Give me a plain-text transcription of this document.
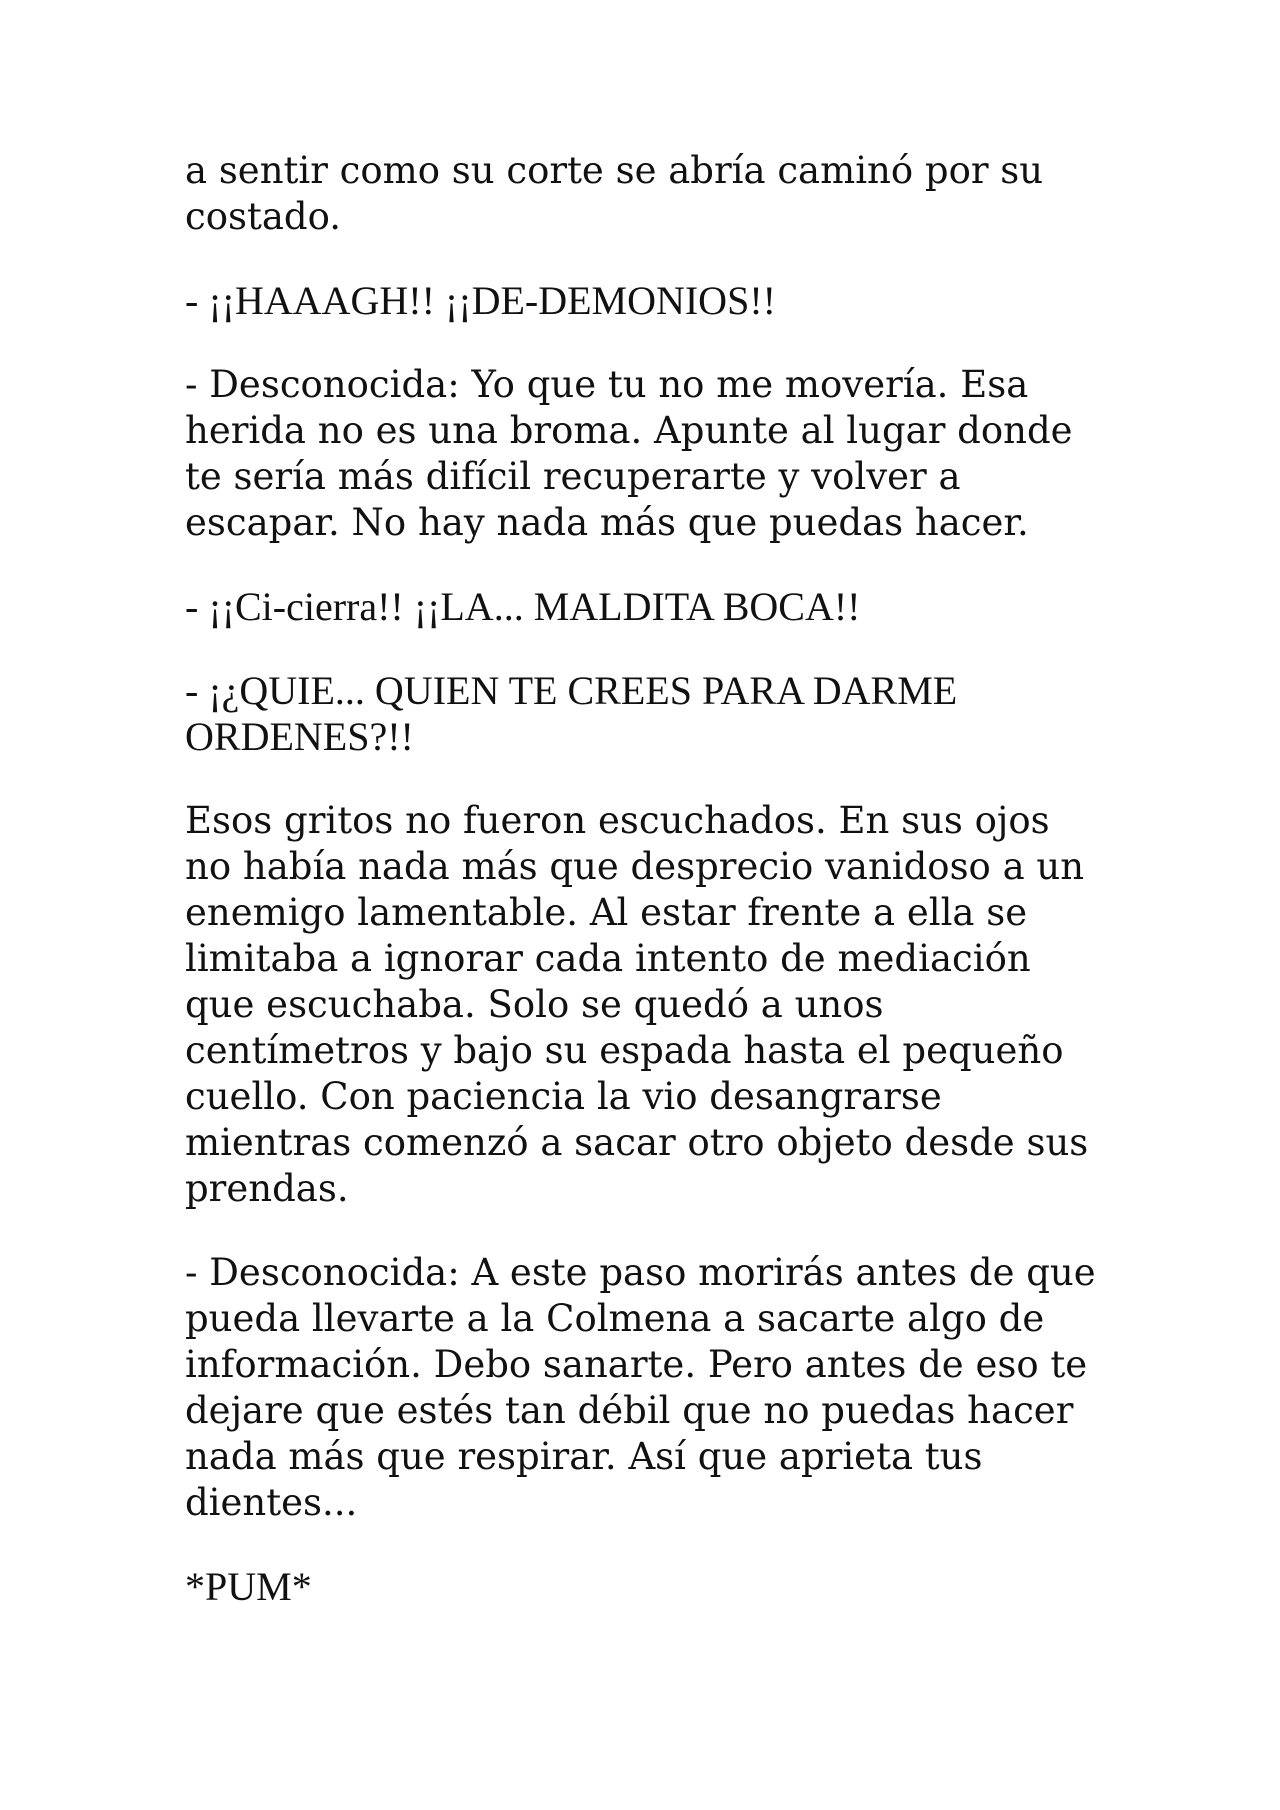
a sentir como su corte se abría caminó por su
costado.

- ¡¡HAAAGH!! ¡¡DE-DEMONIOS!!

- Desconocida: Yo que tu no me movería. Esa
herida no es una broma. Apunte al lugar donde
te sería más difícil recuperarte y volver a
escapar. No hay nada más que puedas hacer.

- ¡¡Ci-cierra!! ¡¡LA... MALDITA BOCA!!

- ¡¿QUIE... QUIEN TE CREES PARA DARME
ORDENES?!!

Esos gritos no fueron escuchados. En sus ojos
no había nada más que desprecio vanidoso a un
enemigo lamentable. Al estar frente a ella se
limitaba a ignorar cada intento de mediación
que escuchaba. Solo se quedó a unos
centímetros y bajo su espada hasta el pequeño
cuello. Con paciencia la vio desangrarse
mientras comenzó a sacar otro objeto desde sus
prendas.

- Desconocida: A este paso morirás antes de que
pueda llevarte a la Colmena a sacarte algo de
información. Debo sanarte. Pero antes de eso te
dejare que estés tan débil que no puedas hacer
nada más que respirar. Así que aprieta tus
dientes...

*PUM*
